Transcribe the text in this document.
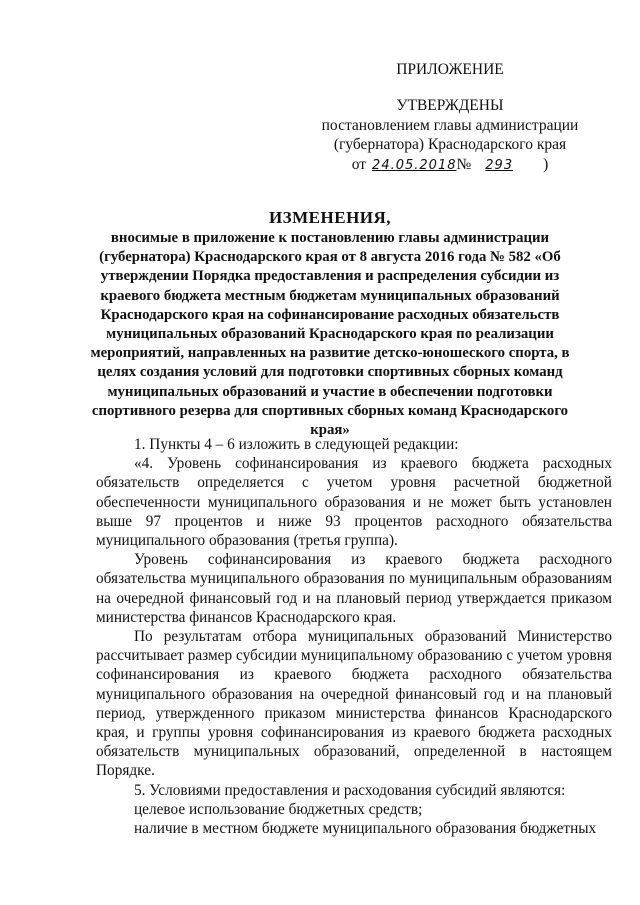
ПРИЛОЖЕНИЕ
УТВЕРЖДЕНЫ
постановлением главы администрации
(губернатора) Краснодарского края
от 24.05.2018№ 293 )
ИЗМЕНЕНИЯ,
вносимые в приложение к постановлению главы администрации (губернатора) Краснодарского края от 8 августа 2016 года № 582 «Об утверждении Порядка предоставления и распределения субсидии из краевого бюджета местным бюджетам муниципальных образований Краснодарского края на софинансирование расходных обязательств муниципальных образований Краснодарского края по реализации мероприятий, направленных на развитие детско-юношеского спорта, в целях создания условий для подготовки спортивных сборных команд муниципальных образований и участие в обеспечении подготовки спортивного резерва для спортивных сборных команд Краснодарского края»

1. Пункты 4 – 6 изложить в следующей редакции:

«4. Уровень софинансирования из краевого бюджета расходных обязательств определяется с учетом уровня расчетной бюджетной обеспеченности муниципального образования и не может быть установлен выше 97 процентов и ниже 93 процентов расходного обязательства муниципального образования (третья группа).

Уровень софинансирования из краевого бюджета расходного обязательства муниципального образования по муниципальным образованиям на очередной финансовый год и на плановый период утверждается приказом министерства финансов Краснодарского края.

По результатам отбора муниципальных образований Министерство рассчитывает размер субсидии муниципальному образованию с учетом уровня софинансирования из краевого бюджета расходного обязательства муниципального образования на очередной финансовый год и на плановый период, утвержденного приказом министерства финансов Краснодарского края, и группы уровня софинансирования из краевого бюджета расходных обязательств муниципальных образований, определенной в настоящем Порядке.

5. Условиями предоставления и расходования субсидий являются:

целевое использование бюджетных средств;

наличие в местном бюджете муниципального образования бюджетных
